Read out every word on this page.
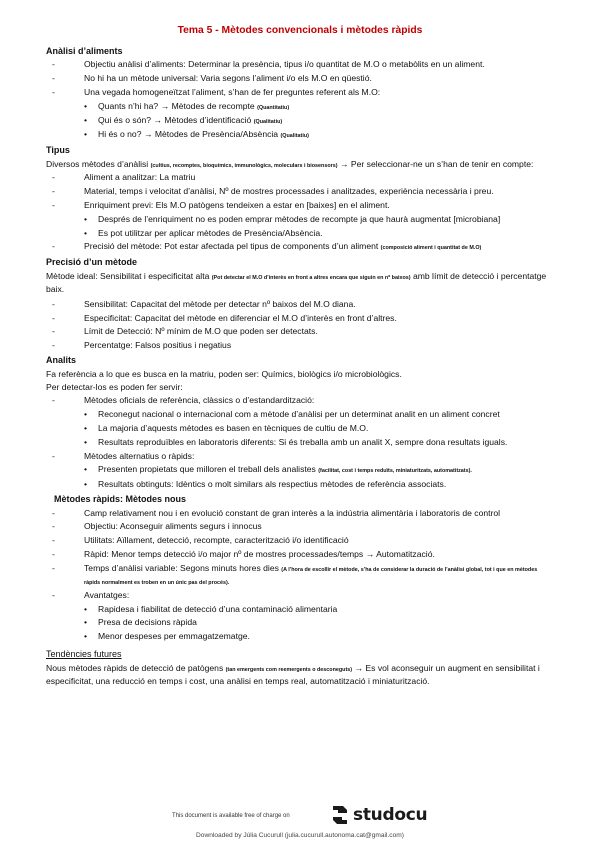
Tema 5 - Mètodes convencionals i mètodes ràpids
Anàlisi d’aliments
- Objectiu anàlisi d’aliments: Determinar la presència, tipus i/o quantitat de M.O o metabòlits en un aliment.
- No hi ha un mètode universal: Varia segons l’aliment i/o els M.O en qüestió.
- Una vegada homogeneïtzat l’aliment, s’han de fer preguntes referent als M.O:
• Quants n’hi ha? → Mètodes de recompte (Quantitatiu)
• Qui és o són? → Mètodes d’identificació (Qualitatiu)
• Hi és o no? → Mètodes de Presència/Absència (Qualitatiu)
Tipus

Diversos mètodes d’anàlisi (cultius, recomptes, bioquímics, immunològics, moleculars i biosensors) → Per seleccionar-ne un s’han de tenir en compte:

- Aliment a analitzar: La matriu
- Material, temps i velocitat d’anàlisi, Nº de mostres processades i analitzades, experiència necessària i preu.
- Enriquiment previ: Els M.O patògens tendeixen a estar en [baixes] en el aliment.
• Després de l’enriquiment no es poden emprar mètodes de recompte ja que haurà augmentat [microbiana]
• Es pot utilitzar per aplicar mètodes de Presència/Absència.
- Precisió del mètode: Pot estar afectada pel tipus de components d’un aliment (composició aliment i quantitat de M.O)
Precisió d’un mètode

Mètode ideal: Sensibilitat i especificitat alta (Pot detectar el M.O d’interès en front a altres encara que siguin en nº baixos) amb límit de detecció i percentatge baix.

- Sensibilitat: Capacitat del mètode per detectar nº baixos del M.O diana.
- Especificitat: Capacitat del mètode en diferenciar el M.O d’interès en front d’altres.
- Límit de Detecció: Nº mínim de M.O que poden ser detectats.
- Percentatge: Falsos positius i negatius
Analits

Fa referència a lo que es busca en la matriu, poden ser: Químics, biològics i/o microbiològics.

Per detectar-los es poden fer servir:

- Mètodes oficials de referència, clàssics o d’estandardització:
• Reconegut nacional o internacional com a mètode d’anàlisi per un determinat analit en un aliment concret
• La majoria d’aquests mètodes es basen en tècniques de cultiu de M.O.
• Resultats reproduïbles en laboratoris diferents: Si és treballa amb un analit X, sempre dona resultats iguals.
- Mètodes alternatius o ràpids:
• Presenten propietats que milloren el treball dels analistes (facilitat, cost i temps reduïts, miniaturitzats, automatitzats).
• Resultats obtinguts: Idèntics o molt similars als respectius mètodes de referència associats.
Mètodes ràpids: Mètodes nous
- Camp relativament nou i en evolució constant de gran interès a la indústria alimentària i laboratoris de control
- Objectiu: Aconseguir aliments segurs i innocus
- Utilitats: Aïllament, detecció, recompte, caracterització i/o identificació
- Ràpid: Menor temps detecció i/o major nº de mostres processades/temps → Automatització.
- Temps d’anàlisi variable: Segons minuts hores dies (A l’hora de escollir el mètode, s’ha de considerar la duració de l’anàlisi global, tot i que en mètodes ràpids normalment es troben en un únic pas del procés).
- Avantatges:
• Rapidesa i fiabilitat de detecció d’una contaminació alimentaria
• Presa de decisions ràpida
• Menor despeses per emmagatzematge.
Tendències futures

Nous mètodes ràpids de detecció de patògens (tan emergents com reemergents o desconeguts) → Es vol aconseguir un augment en sensibilitat i especificitat, una reducció en temps i cost, una anàlisi en temps real, automatització i miniaturització.

This document is available free of charge on	studocu
Downloaded by Júlia Cucurull (julia.cucurull.autonoma.cat@gmail.com)
